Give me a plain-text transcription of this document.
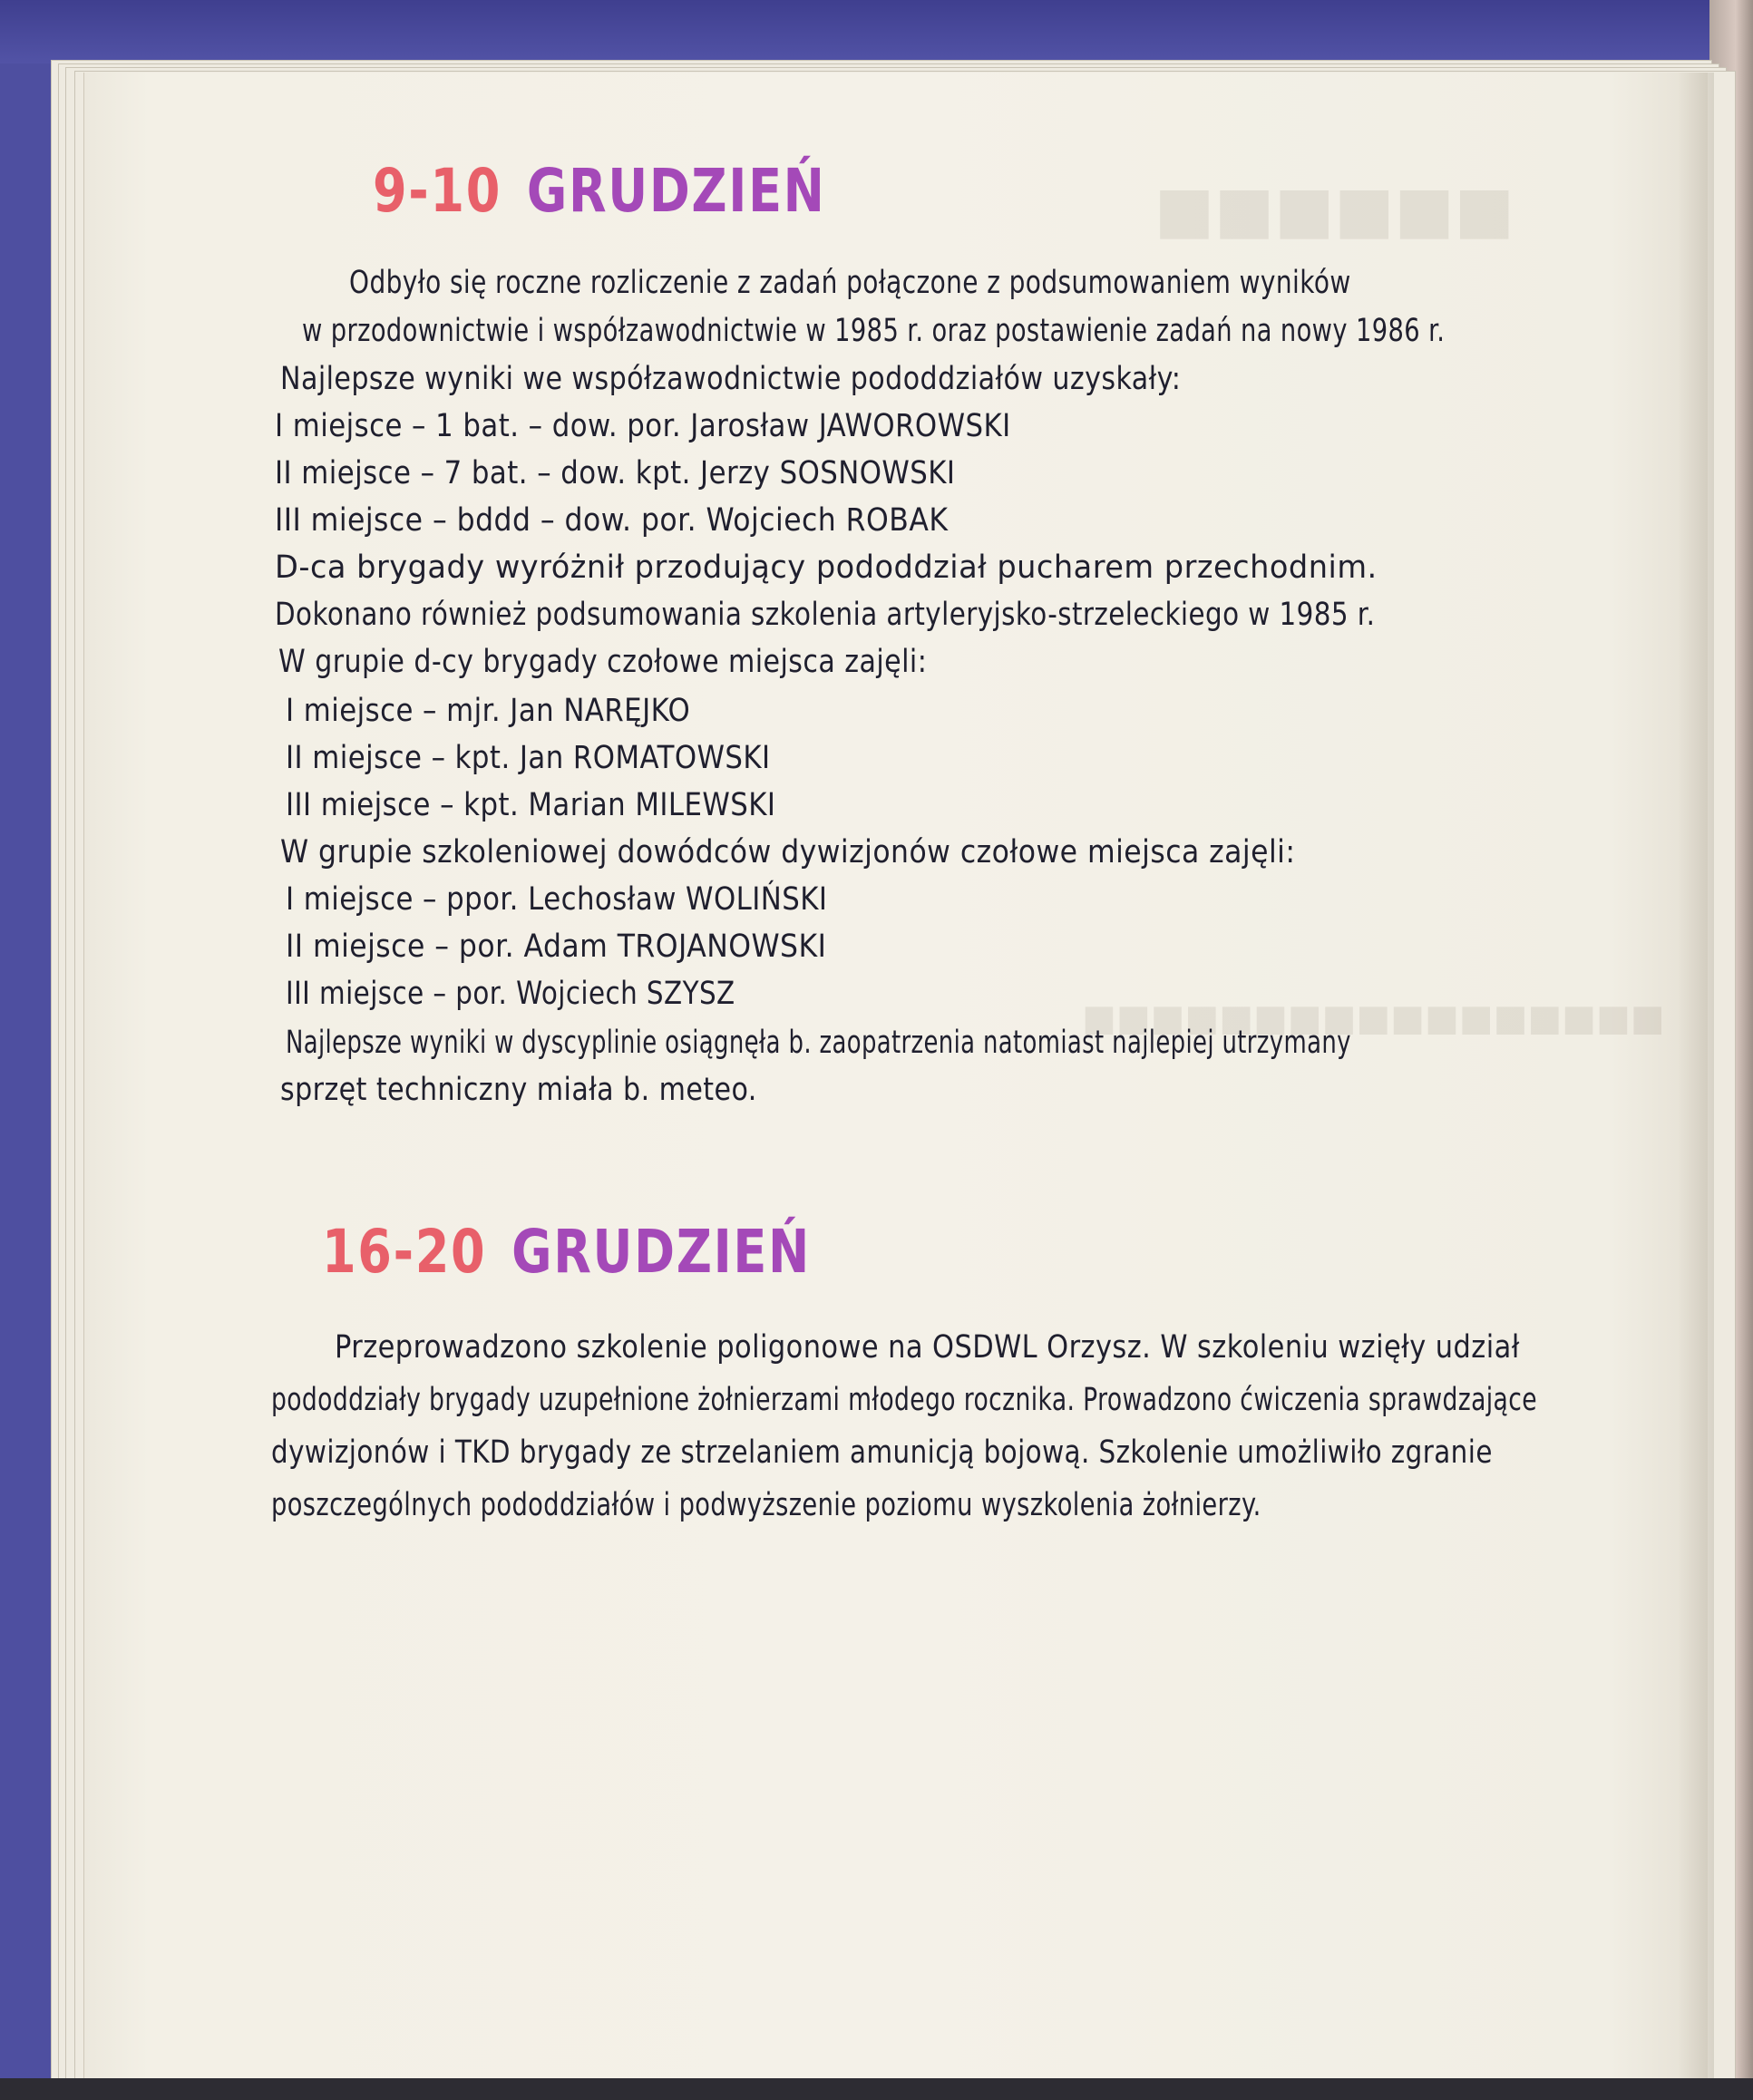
■■■■■■
■■■■■■■■■■■■■■■■■
9-10 GRUDZIEŃ
Odbyło się roczne rozliczenie z zadań połączone z podsumowaniem wyników
w przodownictwie i współzawodnictwie w 1985 r. oraz postawienie zadań na nowy 1986 r.
Najlepsze wyniki we współzawodnictwie pododdziałów uzyskały:
I miejsce – 1 bat. – dow. por. Jarosław JAWOROWSKI
II miejsce – 7 bat. – dow. kpt. Jerzy SOSNOWSKI
III miejsce – bddd – dow. por. Wojciech ROBAK
D-ca brygady wyróżnił przodujący pododdział pucharem przechodnim.
Dokonano również podsumowania szkolenia artyleryjsko-strzeleckiego w 1985 r.
W grupie d-cy brygady czołowe miejsca zajęli:
I miejsce – mjr. Jan NARĘJKO
II miejsce – kpt. Jan ROMATOWSKI
III miejsce – kpt. Marian MILEWSKI
W grupie szkoleniowej dowódców dywizjonów czołowe miejsca zajęli:
I miejsce – ppor. Lechosław WOLIŃSKI
II miejsce – por. Adam TROJANOWSKI
III miejsce – por. Wojciech SZYSZ
Najlepsze wyniki w dyscyplinie osiągnęła b. zaopatrzenia natomiast najlepiej utrzymany
sprzęt techniczny miała b. meteo.
16-20 GRUDZIEŃ
Przeprowadzono szkolenie poligonowe na OSDWL Orzysz. W szkoleniu wzięły udział
pododdziały brygady uzupełnione żołnierzami młodego rocznika. Prowadzono ćwiczenia sprawdzające
dywizjonów i TKD brygady ze strzelaniem amunicją bojową. Szkolenie umożliwiło zgranie
poszczególnych pododdziałów i podwyższenie poziomu wyszkolenia żołnierzy.
